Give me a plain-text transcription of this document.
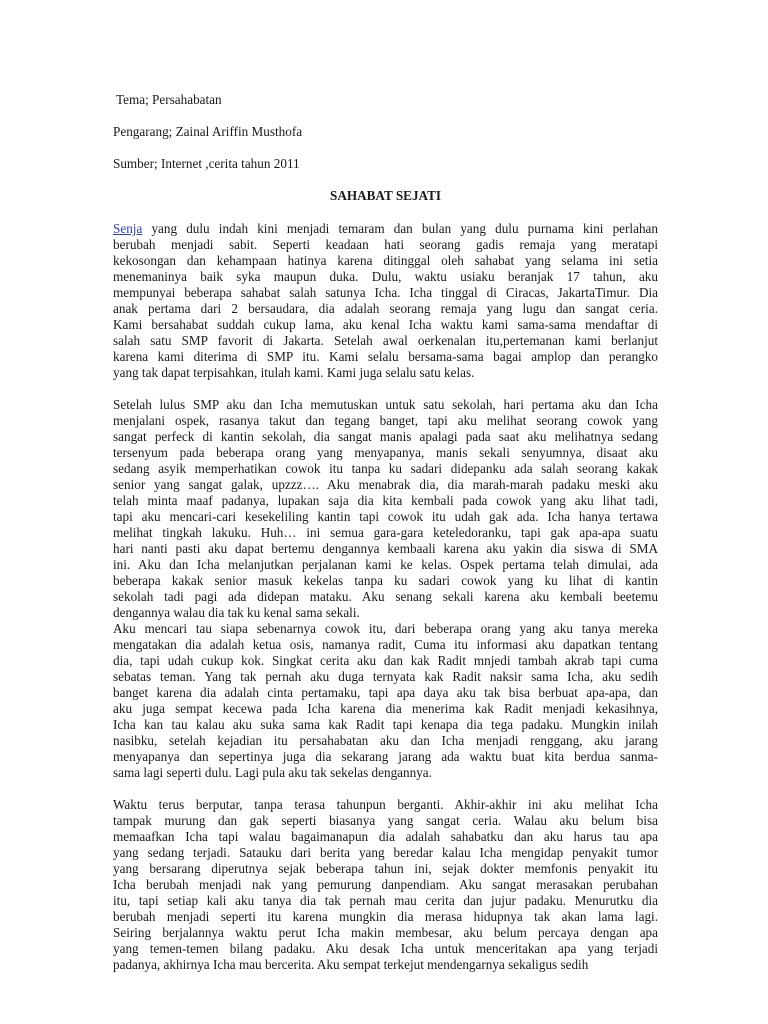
Tema; Persahabatan
Pengarang; Zainal Ariffin Musthofa
Sumber; Internet ,cerita tahun 2011
SAHABAT SEJATI
Senja yang dulu indah kini menjadi temaram dan bulan yang dulu purnama kini perlahan
berubah menjadi sabit. Seperti keadaan hati seorang gadis remaja yang meratapi
kekosongan dan kehampaan hatinya karena ditinggal oleh sahabat yang selama ini setia
menemaninya baik syka maupun duka. Dulu, waktu usiaku beranjak 17 tahun, aku
mempunyai beberapa sahabat salah satunya Icha. Icha tinggal di Ciracas, JakartaTimur. Dia
anak pertama dari 2 bersaudara, dia adalah seorang remaja yang lugu dan sangat ceria.
Kami bersahabat suddah cukup lama, aku kenal Icha waktu kami sama-sama mendaftar di
salah satu SMP favorit di Jakarta. Setelah awal oerkenalan itu,pertemanan kami berlanjut
karena kami diterima di SMP itu. Kami selalu bersama-sama bagai amplop dan perangko
yang tak dapat terpisahkan, itulah kami. Kami juga selalu satu kelas.
Setelah lulus SMP aku dan Icha memutuskan untuk satu sekolah, hari pertama aku dan Icha
menjalani ospek, rasanya takut dan tegang banget, tapi aku melihat seorang cowok yang
sangat perfeck di kantin sekolah, dia sangat manis apalagi pada saat aku melihatnya sedang
tersenyum pada beberapa orang yang menyapanya, manis sekali senyumnya, disaat aku
sedang asyik memperhatikan cowok itu tanpa ku sadari didepanku ada salah seorang kakak
senior yang sangat galak, upzzz…. Aku menabrak dia, dia marah-marah padaku meski aku
telah minta maaf padanya, lupakan saja dia kita kembali pada cowok yang aku lihat tadi,
tapi aku mencari-cari kesekeliling kantin tapi cowok itu udah gak ada. Icha hanya tertawa
melihat tingkah lakuku. Huh… ini semua gara-gara keteledoranku, tapi gak apa-apa suatu
hari nanti pasti aku dapat bertemu dengannya kembaali karena aku yakin dia siswa di SMA
ini. Aku dan Icha melanjutkan perjalanan kami ke kelas. Ospek pertama telah dimulai, ada
beberapa kakak senior masuk kekelas tanpa ku sadari cowok yang ku lihat di kantin
sekolah tadi pagi ada didepan mataku. Aku senang sekali karena aku kembali beetemu
dengannya walau dia tak ku kenal sama sekali.
Aku mencari tau siapa sebenarnya cowok itu, dari beberapa orang yang aku tanya mereka
mengatakan dia adalah ketua osis, namanya radit, Cuma itu informasi aku dapatkan tentang
dia, tapi udah cukup kok. Singkat cerita aku dan kak Radit mnjedi tambah akrab tapi cuma
sebatas teman. Yang tak pernah aku duga ternyata kak Radit naksir sama Icha, aku sedih
banget karena dia adalah cinta pertamaku, tapi apa daya aku tak bisa berbuat apa-apa, dan
aku juga sempat kecewa pada Icha karena dia menerima kak Radit menjadi kekasihnya,
Icha kan tau kalau aku suka sama kak Radit tapi kenapa dia tega padaku. Mungkin inilah
nasibku, setelah kejadian itu persahabatan aku dan Icha menjadi renggang, aku jarang
menyapanya dan sepertinya juga dia sekarang jarang ada waktu buat kita berdua sanma-
sama lagi seperti dulu. Lagi pula aku tak sekelas dengannya.
Waktu terus berputar, tanpa terasa tahunpun berganti. Akhir-akhir ini aku melihat Icha
tampak murung dan gak seperti biasanya yang sangat ceria. Walau aku belum bisa
memaafkan Icha tapi walau bagaimanapun dia adalah sahabatku dan aku harus tau apa
yang sedang terjadi. Satauku dari berita yang beredar kalau Icha mengidap penyakit tumor
yang bersarang diperutnya sejak beberapa tahun ini, sejak dokter memfonis penyakit itu
Icha berubah menjadi nak yang pemurung danpendiam. Aku sangat merasakan perubahan
itu, tapi setiap kali aku tanya dia tak pernah mau cerita dan jujur padaku. Menurutku dia
berubah menjadi seperti itu karena mungkin dia merasa hidupnya tak akan lama lagi.
Seiring berjalannya waktu perut Icha makin membesar, aku belum percaya dengan apa
yang temen-temen bilang padaku. Aku desak Icha untuk menceritakan apa yang terjadi
padanya, akhirnya Icha mau bercerita. Aku sempat terkejut mendengarnya sekaligus sedih
